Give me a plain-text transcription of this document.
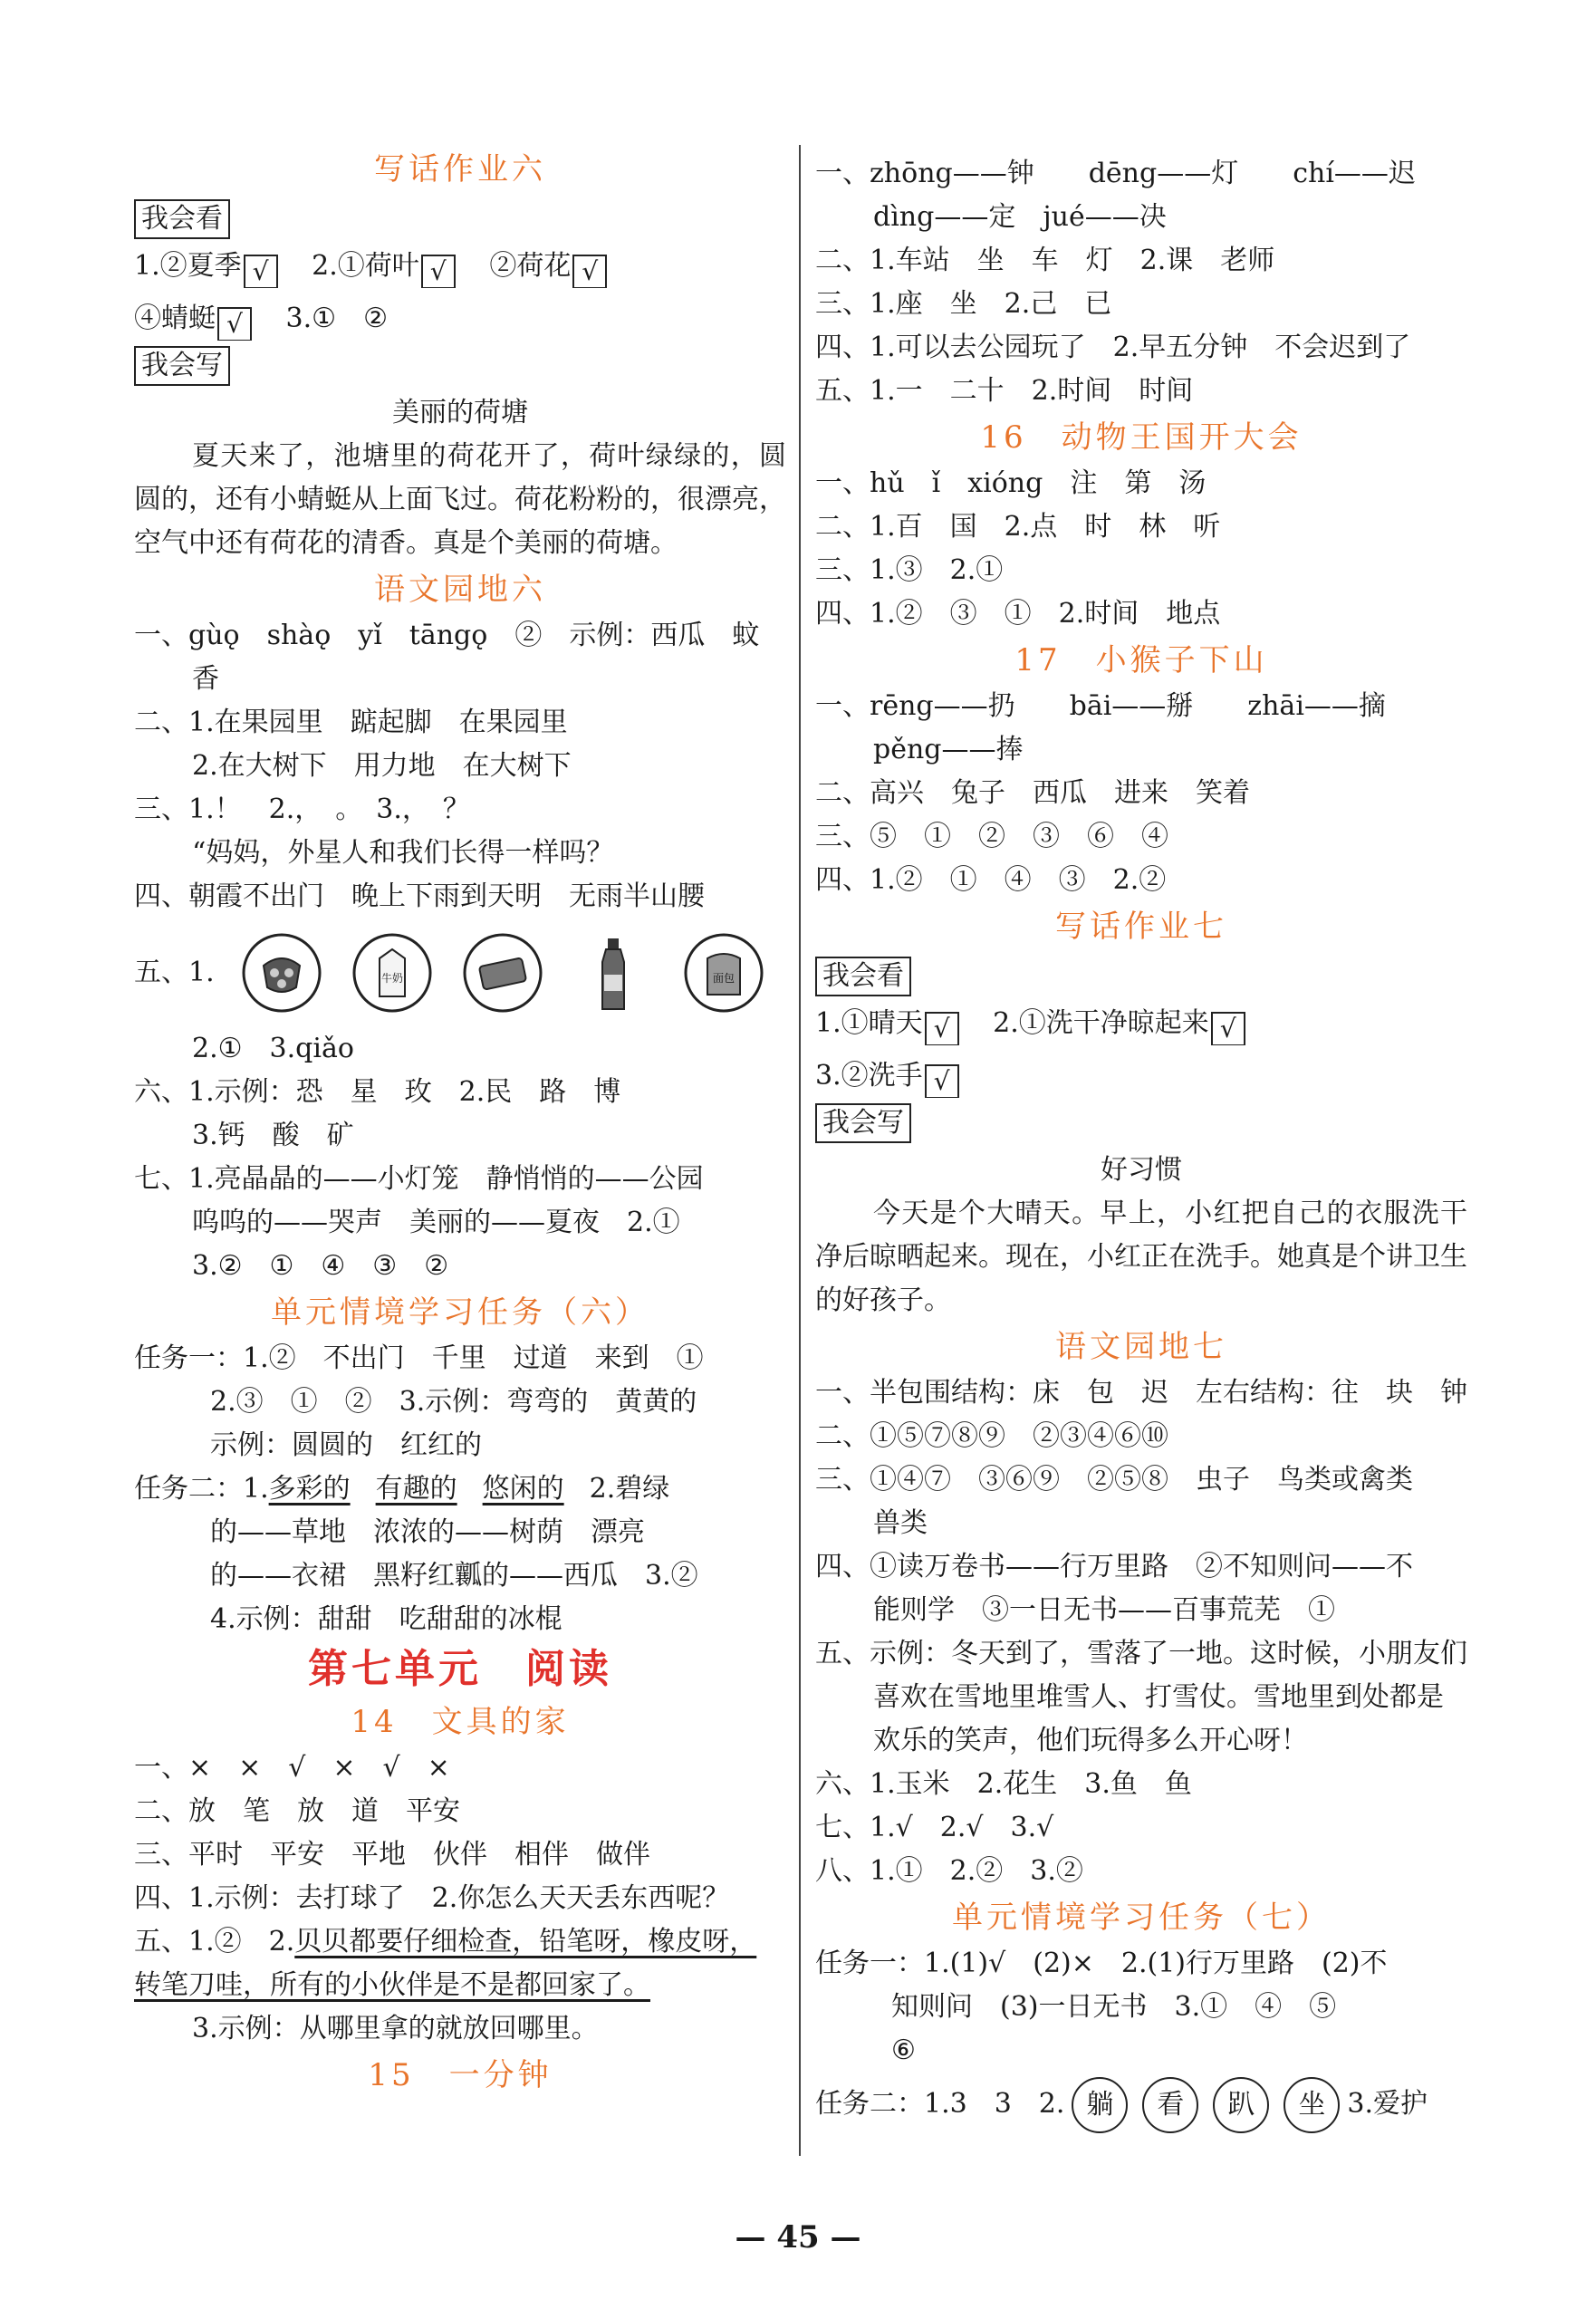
写话作业六
我会看
1.②夏季 √ 2.①荷叶 √ ②荷花 √
④蜻蜓 √ 3.①　②
我会写
美丽的荷塘
夏天来了，池塘里的荷花开了，荷叶绿绿的，圆圆的，还有小蜻蜓从上面飞过。荷花粉粉的，很漂亮，空气中还有荷花的清香。真是个美丽的荷塘。
语文园地六
一、gùǫ　shàǫ　yǐ　tāngǫ　②　示例：西瓜　蚊
香
二、1.在果园里　踮起脚　在果园里
2.在大树下　用力地　在大树下
三、1.！　2.，　。　3.，　？
“妈妈，外星人和我们长得一样吗？
四、朝霞不出门　晚上下雨到天明　无雨半山腰
五、1.	牛奶	面包
2.①　3.qiǎo
六、1.示例：恐　星　玫　2.民　路　博
3.钙　酸　矿
七、1.亮晶晶的——小灯笼　静悄悄的——公园
呜呜的——哭声　美丽的——夏夜　2.①
3.②　①　④　③　②
单元情境学习任务（六）
任务一：1.②　不出门　千里　过道　来到　①
2.③　①　②　3.示例：弯弯的　黄黄的
示例：圆圆的　红红的
任务二：1.多彩的 有趣的 悠闲的 2.碧绿
的——草地　浓浓的——树荫　漂亮
的——衣裙　黑籽红瓤的——西瓜　3.②
4.示例：甜甜　吃甜甜的冰棍
第七单元　阅读
14　文具的家
一、×　×　√　×　√　×
二、放　笔　放　道　平安
三、平时　平安　平地　伙伴　相伴　做伴
四、1.示例：去打球了　2.你怎么天天丢东西呢？
五、1.②　2.贝贝都要仔细检查，铅笔呀，橡皮呀，
转笔刀哇，所有的小伙伴是不是都回家了。
3.示例：从哪里拿的就放回哪里。
15　一分钟
一、zhōng——钟　　dēng——灯　　chí——迟
dìng——定　jué——决
二、1.车站　坐　车　灯　2.课　老师
三、1.座　坐　2.己　已
四、1.可以去公园玩了　2.早五分钟　不会迟到了
五、1.一　二十　2.时间　时间
16　动物王国开大会
一、hǔ　ǐ　xióng　注　第　汤
二、1.百　国　2.点　时　林　听
三、1.③　2.①
四、1.②　③　①　2.时间　地点
17　小猴子下山
一、rēng——扔　　bāi——掰　　zhāi——摘
pěng——捧
二、高兴　兔子　西瓜　进来　笑着
三、⑤　①　②　③　⑥　④
四、1.②　①　④　③　2.②
写话作业七
我会看
1.①晴天 √ 2.①洗干净晾起来 √
3.②洗手 √
我会写
好习惯
今天是个大晴天。早上，小红把自己的衣服洗干净后晾晒起来。现在，小红正在洗手。她真是个讲卫生的好孩子。
语文园地七
一、半包围结构：床　包　迟　左右结构：往　块　钟
二、①⑤⑦⑧⑨　②③④⑥⑩
三、①④⑦　③⑥⑨　②⑤⑧　虫子　鸟类或禽类
兽类
四、①读万卷书——行万里路　②不知则问——不
能则学　③一日无书——百事荒芜　①
五、示例：冬天到了，雪落了一地。这时候，小朋友们喜欢在雪地里堆雪人、打雪仗。雪地里到处都是欢乐的笑声，他们玩得多么开心呀！
六、1.玉米　2.花生　3.鱼　鱼
七、1.√　2.√　3.√
八、1.①　2.②　3.②
单元情境学习任务（七）
任务一：1.(1)√　(2)×　2.(1)行万里路　(2)不
知则问　(3)一日无书　3.①　④　⑤
⑥
任务二：1.3　3　2. 躺 看 趴 坐 3.爱护
— 45 —
